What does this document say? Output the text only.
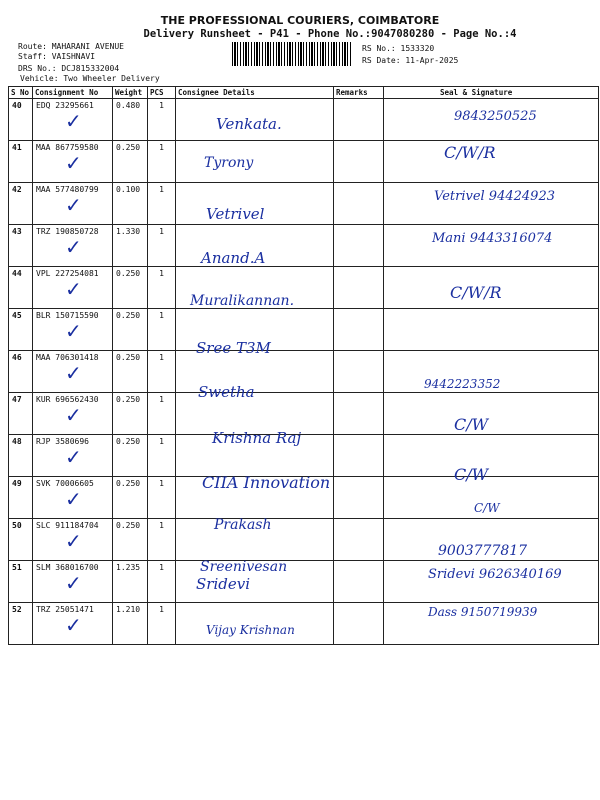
THE PROFESSIONAL COURIERS, COIMBATORE
Delivery Runsheet - P41 - Phone No.:9047080280 - Page No.:4
Route: MAHARANI AVENUE
Staff: VAISHNAVI
DRS No.: DCJ815332004
Vehicle: Two Wheeler Delivery
RS No.: 1533320
RS Date: 11-Apr-2025
S No	Consignment No	Weight	PCS	Consignee Details	Remarks	Seal & Signature
40	EDQ 23295661
✓	0.480	1	Venkata.		9843250525

41	MAA 867759580
✓	0.250	1	Tyrony		C/W/R

42	MAA 577480799
✓	0.100	1	Vetrivel		Vetrivel 94424923

43	TRZ 190850728
✓	1.330	1	Anand.A		Mani 9443316074

44	VPL 227254081
✓	0.250	1	Muralikannan.		C/W/R

45	BLR 150715590
✓	0.250	1	Sree T3M		

46	MAA 706301418
✓	0.250	1	Swetha		9442223352

47	KUR 696562430
✓	0.250	1	Krishna Raj		C/W

48	RJP 3580696
✓	0.250	1	CIIA Innovation		C/W

49	SVK 70006605
✓	0.250	1	Prakash		C/W

50	SLC 911184704
✓	0.250	1	Sreenivesan		9003777817

51	SLM 368016700
✓	1.235	1	Sridevi		Sridevi 9626340169

52	TRZ 25051471
✓	1.210	1	Vijay Krishnan		Dass 9150719939
